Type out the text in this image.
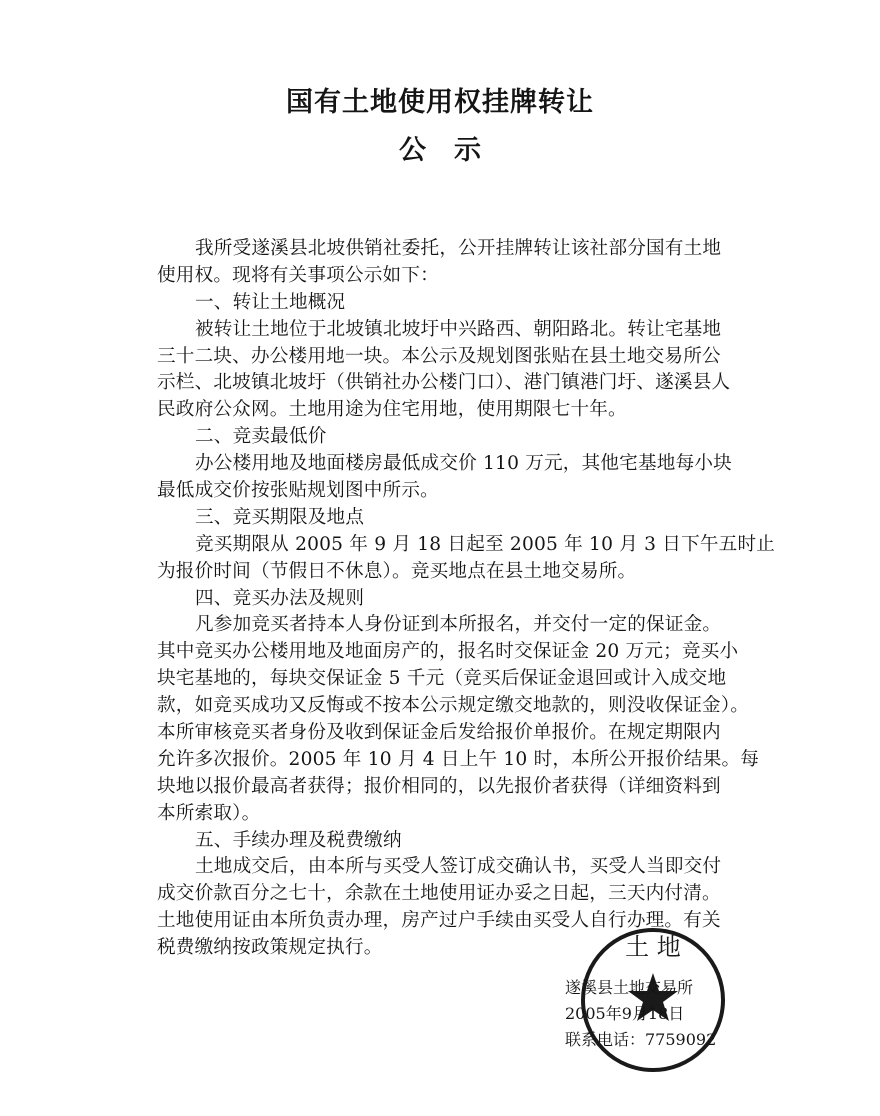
国有土地使用权挂牌转让
公示
我所受遂溪县北坡供销社委托，公开挂牌转让该社部分国有土地
使用权。现将有关事项公示如下：
一、转让土地概况
被转让土地位于北坡镇北坡圩中兴路西、朝阳路北。转让宅基地
三十二块、办公楼用地一块。本公示及规划图张贴在县土地交易所公
示栏、北坡镇北坡圩（供销社办公楼门口）、港门镇港门圩、遂溪县人
民政府公众网。土地用途为住宅用地，使用期限七十年。
二、竞卖最低价
办公楼用地及地面楼房最低成交价 110 万元，其他宅基地每小块
最低成交价按张贴规划图中所示。
三、竞买期限及地点
竞买期限从 2005 年 9 月 18 日起至 2005 年 10 月 3 日下午五时止
为报价时间（节假日不休息）。竞买地点在县土地交易所。
四、竞买办法及规则
凡参加竞买者持本人身份证到本所报名，并交付一定的保证金。
其中竞买办公楼用地及地面房产的，报名时交保证金 20 万元；竞买小
块宅基地的，每块交保证金 5 千元（竞买后保证金退回或计入成交地
款，如竞买成功又反悔或不按本公示规定缴交地款的，则没收保证金）。
本所审核竞买者身份及收到保证金后发给报价单报价。在规定期限内
允许多次报价。2005 年 10 月 4 日上午 10 时，本所公开报价结果。每
块地以报价最高者获得；报价相同的，以先报价者获得（详细资料到
本所索取）。
五、手续办理及税费缴纳
土地成交后，由本所与买受人签订成交确认书，买受人当即交付
成交价款百分之七十，余款在土地使用证办妥之日起，三天内付清。
土地使用证由本所负责办理，房产过户手续由买受人自行办理。有关
税费缴纳按政策规定执行。	土 地
遂溪县土地交易所
2005年9月18日
联系电话：7759092
